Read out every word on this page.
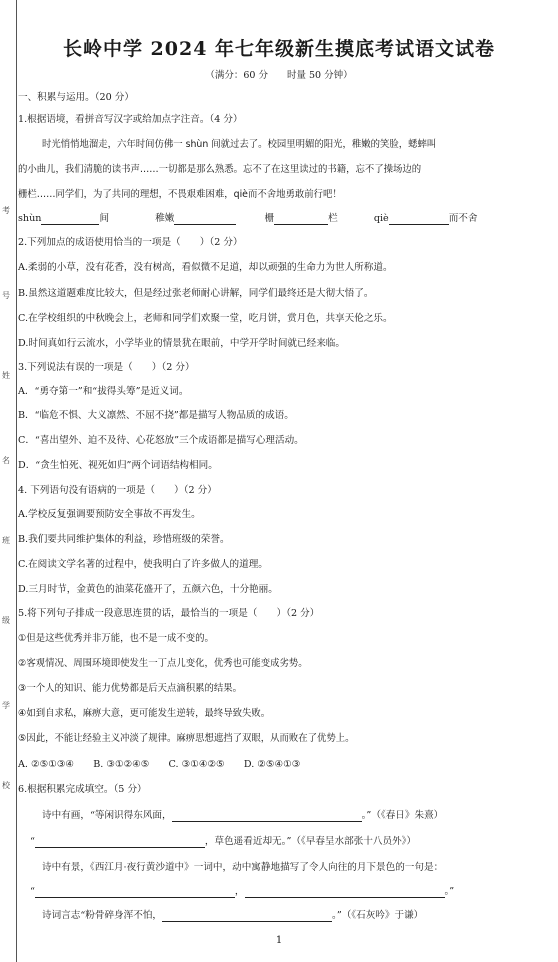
考
号
姓
名
班
级
学
校
长岭中学 2024 年七年级新生摸底考试语文试卷
（满分：60 分　　时量 50 分钟）
一、积累与运用。（20 分）
1.根据语境，看拼音写汉字或给加点字注音。（4 分）
时光悄悄地溜走，六年时间仿佛一 shùn 间就过去了。校园里明媚的阳光，稚嫩的笑脸，蟋蟀叫
的小曲儿，我们清脆的读书声……一切都是那么熟悉。忘不了在这里读过的书籍，忘不了操场边的
栅栏……同学们，为了共同的理想，不畏艰难困难，qiè而不舍地勇敢前行吧！
shùn	间	稚嫩	栅	栏	qiè	而不舍
2.下列加点的成语使用恰当的一项是（　　）（2 分）
A.柔弱的小草，没有花香，没有树高，看似微不足道，却以顽强的生命力为世人所称道。
B.虽然这道题难度比较大，但是经过张老师耐心讲解，同学们最终还是大彻大悟了。
C.在学校组织的中秋晚会上，老师和同学们欢聚一堂，吃月饼，赏月色，共享天伦之乐。
D.时间真如行云流水，小学毕业的情景犹在眼前，中学开学时间就已经来临。
3.下列说法有误的一项是（　　）（2 分）
A．“勇夺第一”和“拔得头筹”是近义词。
B．“临危不惧、大义凛然、不屈不挠”都是描写人物品质的成语。
C．“喜出望外、迫不及待、心花怒放”三个成语都是描写心理活动。
D．“贪生怕死、视死如归”两个词语结构相同。
4. 下列语句没有语病的一项是（　　）（2 分）
A.学校反复强调要预防安全事故不再发生。
B.我们要共同维护集体的利益，珍惜班级的荣誉。
C.在阅读文学名著的过程中，使我明白了许多做人的道理。
D.三月时节，金黄色的油菜花盛开了，五颜六色，十分艳丽。
5.将下列句子排成一段意思连贯的话，最恰当的一项是（　　）（2 分）
①但是这些优秀并非万能，也不是一成不变的。
②客观情况、周围环境即使发生一丁点儿变化，优秀也可能变成劣势。
③一个人的知识、能力优势都是后天点滴积累的结果。
④如到自求私，麻痹大意，更可能发生逆转，最终导致失败。
⑤因此，不能让经验主义冲淡了规律。麻痹思想遮挡了双眼，从而败在了优势上。
A. ②⑤①③④　　B. ③①②④⑤　　C. ③①④②⑤　　D. ②⑤④①③
6.根据积累完成填空。（5 分）
诗中有画，“等闲识得东风面，	。”（《春日》朱熹）
“	，草色遥看近却无。”（《早春呈水部张十八员外》）
诗中有景，《西江月·夜行黄沙道中》一词中，动中寓静地描写了令人向往的月下景色的一句是：
“	，	。”
诗词言志“粉骨碎身浑不怕，	。”（《石灰吟》于谦）
1
